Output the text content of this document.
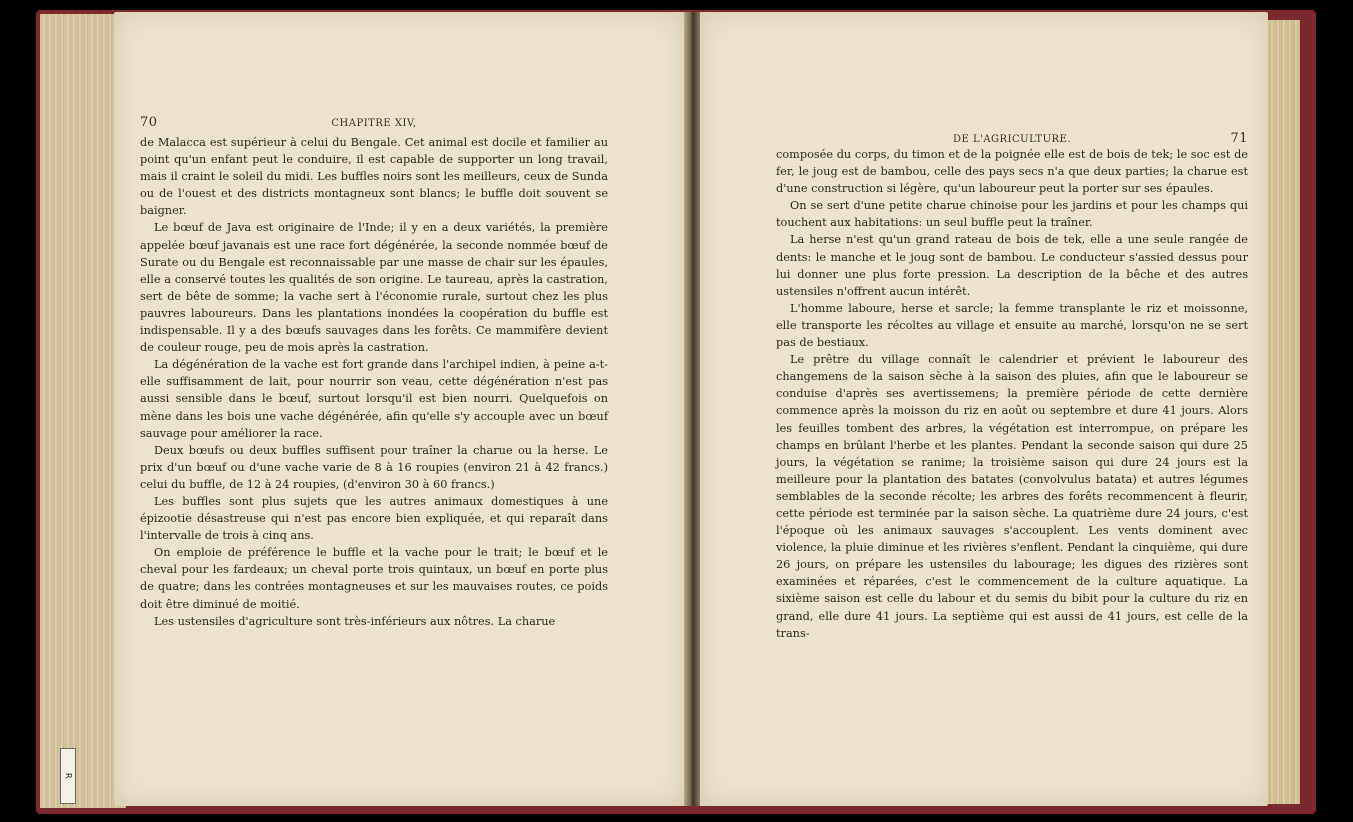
R
70	CHAPITRE XIV,

de Malacca est supérieur à celui du Bengale. Cet animal est docile et familier au point qu'un enfant peut le conduire, il est capable de supporter un long travail, mais il craint le soleil du midi. Les buffles noirs sont les meilleurs, ceux de Sunda ou de l'ouest et des districts montagneux sont blancs; le buffle doit souvent se baigner.

Le bœuf de Java est originaire de l'Inde; il y en a deux variétés, la première appelée bœuf javanais est une race fort dégénérée, la seconde nommée bœuf de Surate ou du Bengale est reconnaissable par une masse de chair sur les épaules, elle a conservé toutes les qualités de son origine. Le taureau, après la castration, sert de bête de somme; la vache sert à l'économie rurale, surtout chez les plus pauvres laboureurs. Dans les plantations inondées la coopération du buffle est indispensable. Il y a des bœufs sauvages dans les forêts. Ce mammifère devient de couleur rouge, peu de mois après la castration.

La dégénération de la vache est fort grande dans l'archipel indien, à peine a-t-elle suffisamment de lait, pour nourrir son veau, cette dégénération n'est pas aussi sensible dans le bœuf, surtout lorsqu'il est bien nourri. Quelquefois on mène dans les bois une vache dégénérée, afin qu'elle s'y accouple avec un bœuf sauvage pour améliorer la race.

Deux bœufs ou deux buffles suffisent pour traîner la charue ou la herse. Le prix d'un bœuf ou d'une vache varie de 8 à 16 roupies (environ 21 à 42 francs.) celui du buffle, de 12 à 24 roupies, (d'environ 30 à 60 francs.)

Les buffles sont plus sujets que les autres animaux domestiques à une épizootie désastreuse qui n'est pas encore bien expliquée, et qui reparaît dans l'intervalle de trois à cinq ans.

On emploie de préférence le buffle et la vache pour le trait; le bœuf et le cheval pour les fardeaux; un cheval porte trois quintaux, un bœuf en porte plus de quatre; dans les contrées montagneuses et sur les mauvaises routes, ce poids doit être diminué de moitié.

Les ustensiles d'agriculture sont très-inférieurs aux nôtres. La charue

DE L'AGRICULTURE.	71

composée du corps, du timon et de la poignée elle est de bois de tek; le soc est de fer, le joug est de bambou, celle des pays secs n'a que deux parties; la charue est d'une construction si légère, qu'un laboureur peut la porter sur ses épaules.

On se sert d'une petite charue chinoise pour les jardins et pour les champs qui touchent aux habitations: un seul buffle peut la traîner.

La herse n'est qu'un grand rateau de bois de tek, elle a une seule rangée de dents: le manche et le joug sont de bambou. Le conducteur s'assied dessus pour lui donner une plus forte pression. La description de la bêche et des autres ustensiles n'offrent aucun intérêt.

L'homme laboure, herse et sarcle; la femme transplante le riz et moissonne, elle transporte les récoltes au village et ensuite au marché, lorsqu'on ne se sert pas de bestiaux.

Le prêtre du village connaît le calendrier et prévient le laboureur des changemens de la saison sèche à la saison des pluies, afin que le laboureur se conduise d'après ses avertissemens; la première période de cette dernière commence après la moisson du riz en août ou septembre et dure 41 jours. Alors les feuilles tombent des arbres, la végétation est interrompue, on prépare les champs en brûlant l'herbe et les plantes. Pendant la seconde saison qui dure 25 jours, la végétation se ranime; la troisième saison qui dure 24 jours est la meilleure pour la plantation des batates (convolvulus batata) et autres légumes semblables de la seconde récolte; les arbres des forêts recommencent à fleurir, cette période est terminée par la saison sèche. La quatrième dure 24 jours, c'est l'époque où les animaux sauvages s'accouplent. Les vents dominent avec violence, la pluie diminue et les rivières s'enflent. Pendant la cinquième, qui dure 26 jours, on prépare les ustensiles du labourage; les digues des rizières sont examinées et réparées, c'est le commencement de la culture aquatique. La sixième saison est celle du labour et du semis du bibit pour la culture du riz en grand, elle dure 41 jours. La septième qui est aussi de 41 jours, est celle de la trans-
